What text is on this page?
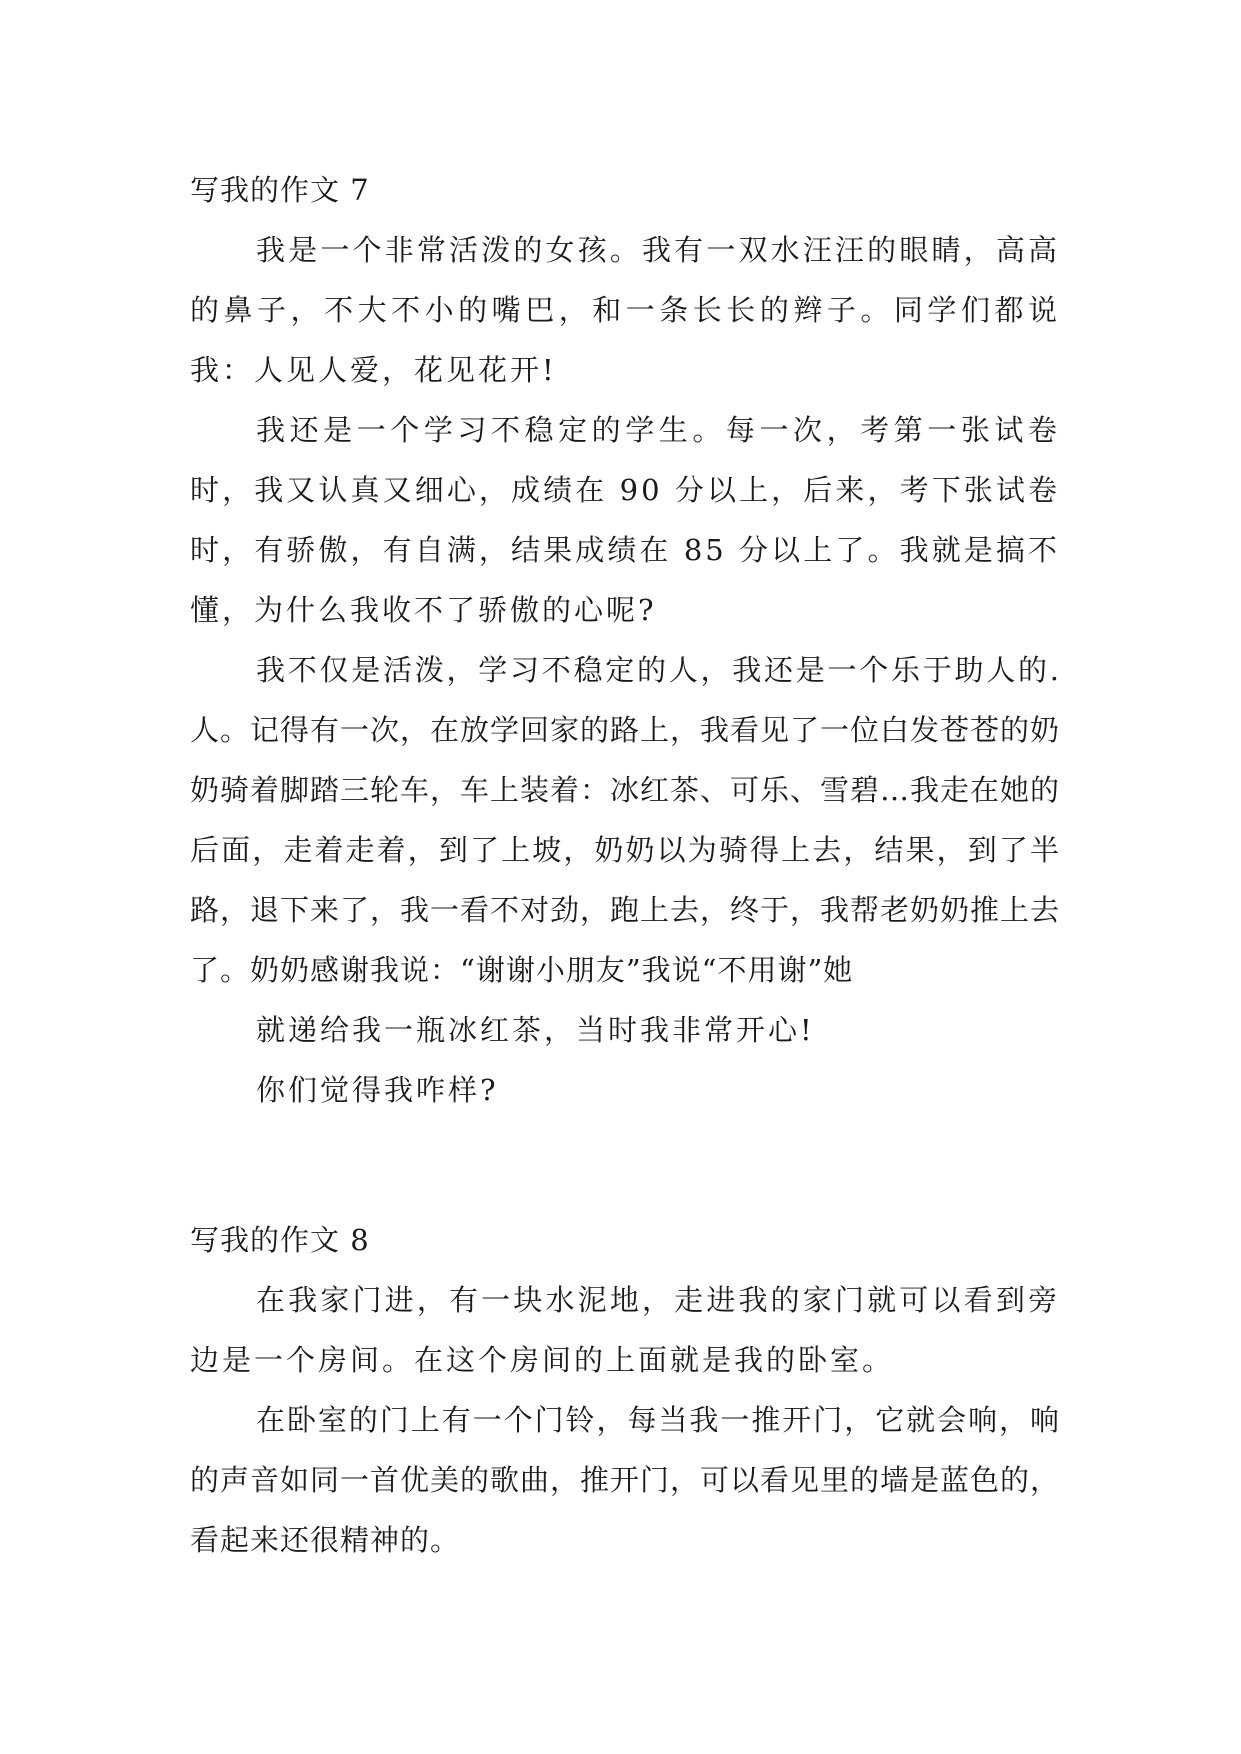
写我的作文 7

我是一个非常活泼的女孩。我有一双水汪汪的眼睛，高高的鼻子，不大不小的嘴巴，和一条长长的辫子。同学们都说我：人见人爱，花见花开!

我还是一个学习不稳定的学生。每一次，考第一张试卷时，我又认真又细心，成绩在 90 分以上，后来，考下张试卷时，有骄傲，有自满，结果成绩在 85 分以上了。我就是搞不懂，为什么我收不了骄傲的心呢?

我不仅是活泼，学习不稳定的人，我还是一个乐于助人的.人。记得有一次，在放学回家的路上，我看见了一位白发苍苍的奶奶骑着脚踏三轮车，车上装着：冰红茶、可乐、雪碧…我走在她的后面，走着走着，到了上坡，奶奶以为骑得上去，结果，到了半路，退下来了，我一看不对劲，跑上去，终于，我帮老奶奶推上去了。奶奶感谢我说：“谢谢小朋友”我说“不用谢”她

就递给我一瓶冰红茶，当时我非常开心!

你们觉得我咋样?

写我的作文 8

在我家门进，有一块水泥地，走进我的家门就可以看到旁边是一个房间。在这个房间的上面就是我的卧室。

在卧室的门上有一个门铃，每当我一推开门，它就会响，响的声音如同一首优美的歌曲，推开门，可以看见里的墙是蓝色的，看起来还很精神的。
